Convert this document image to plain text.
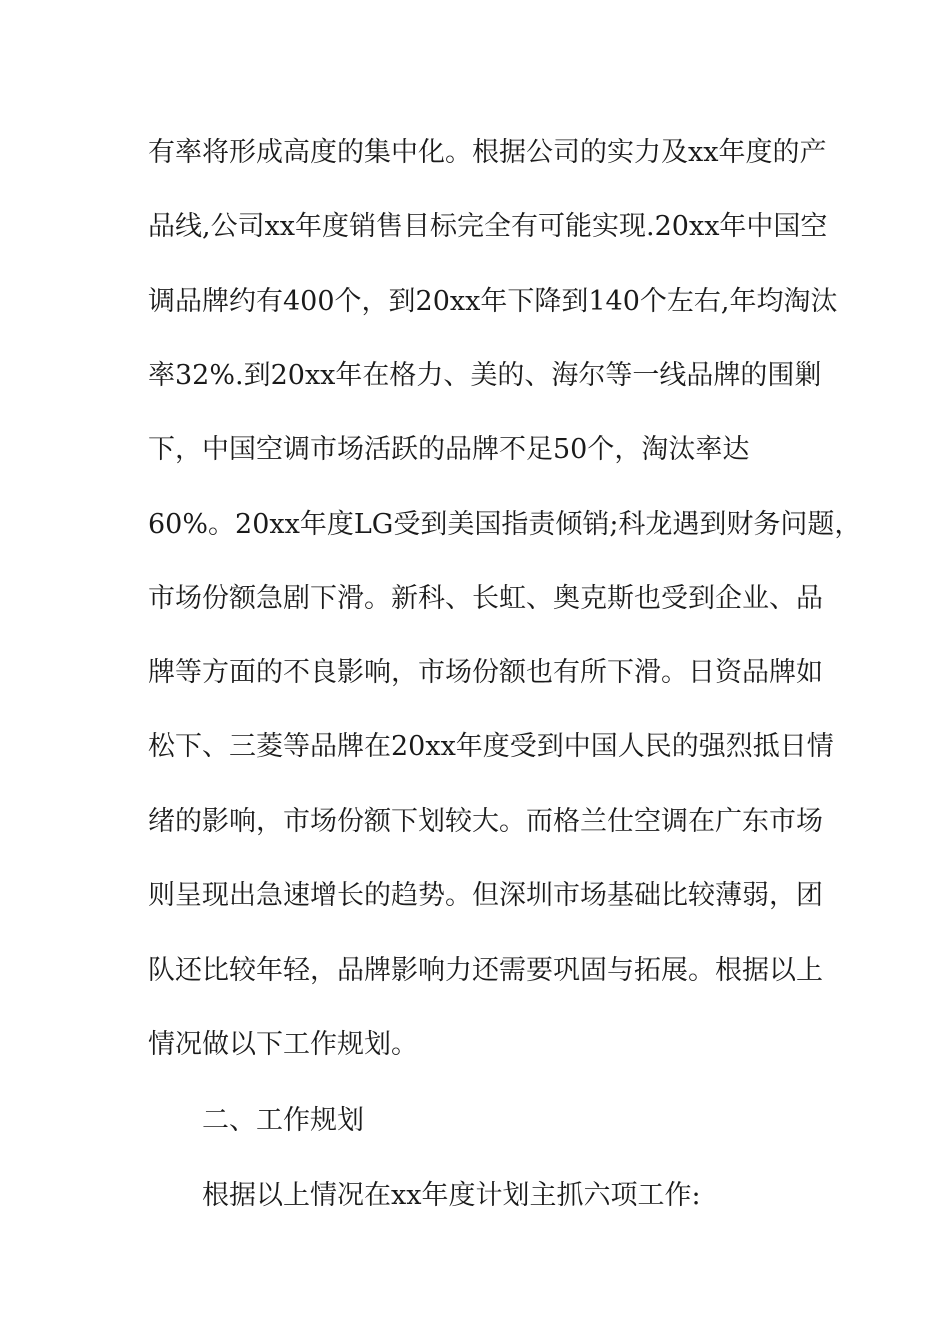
有率将形成高度的集中化。根据公司的实力及xx年度的产
品线,公司xx年度销售目标完全有可能实现.20xx年中国空
调品牌约有400个，到20xx年下降到140个左右,年均淘汰
率32%.到20xx年在格力、美的、海尔等一线品牌的围剿
下，中国空调市场活跃的品牌不足50个，淘汰率达
60%。20xx年度LG受到美国指责倾销;科龙遇到财务问题，
市场份额急剧下滑。新科、长虹、奥克斯也受到企业、品
牌等方面的不良影响，市场份额也有所下滑。日资品牌如
松下、三菱等品牌在20xx年度受到中国人民的强烈抵日情
绪的影响，市场份额下划较大。而格兰仕空调在广东市场
则呈现出急速增长的趋势。但深圳市场基础比较薄弱，团
队还比较年轻，品牌影响力还需要巩固与拓展。根据以上
情况做以下工作规划。
二、工作规划
根据以上情况在xx年度计划主抓六项工作:
